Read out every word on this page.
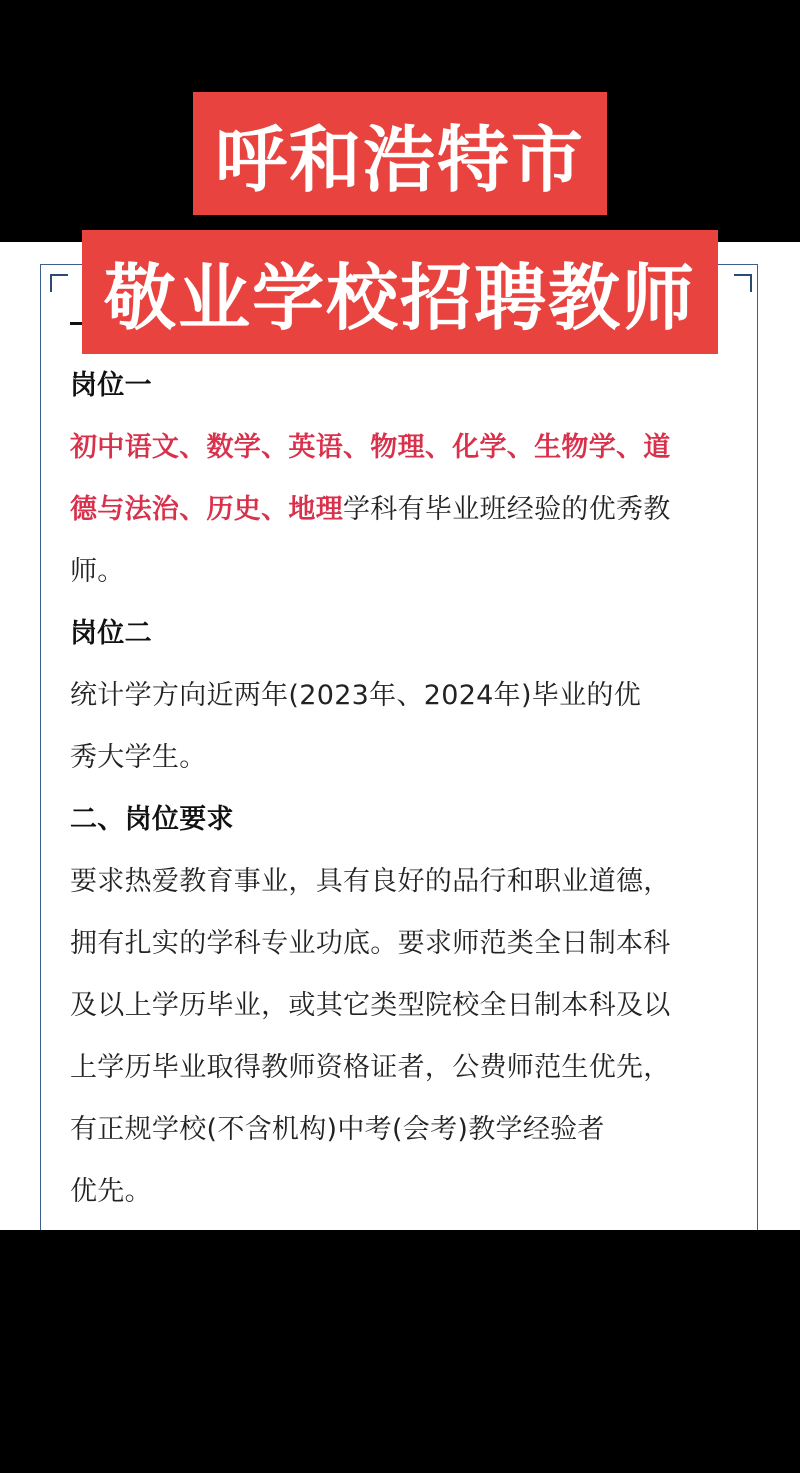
呼和浩特市
敬业学校招聘教师
岗位一
初中语文、数学、英语、物理、化学、生物学、道
德与法治、历史、地理学科有毕业班经验的优秀教
师。
岗位二
统计学方向近两年(2023年、2024年)毕业的优
秀大学生。
二、岗位要求
要求热爱教育事业，具有良好的品行和职业道德，
拥有扎实的学科专业功底。要求师范类全日制本科
及以上学历毕业，或其它类型院校全日制本科及以
上学历毕业取得教师资格证者，公费师范生优先，
有正规学校(不含机构)中考(会考)教学经验者
优先。
